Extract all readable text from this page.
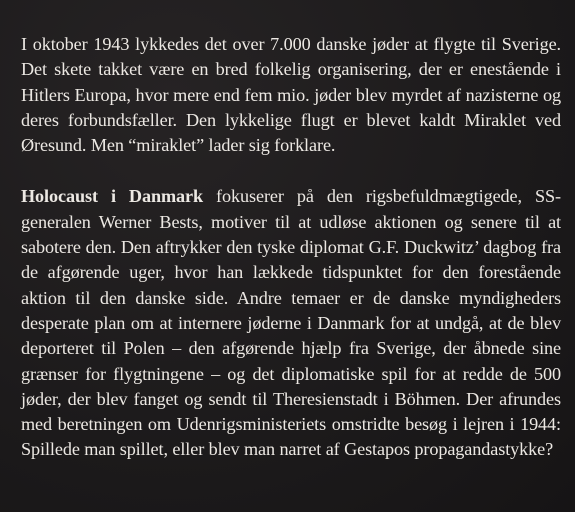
I oktober 1943 lykkedes det over 7.000 danske jøder at flygte til Sverige. Det skete takket være en bred folkelig organisering, der er enestående i Hitlers Europa, hvor mere end fem mio. jøder blev myrdet af nazisterne og deres forbundsfæller. Den lykkelige flugt er blevet kaldt Miraklet ved Øresund. Men “miraklet” lader sig forklare.

Holocaust i Danmark fokuserer på den rigsbefuldmægtigede, SS-generalen Werner Bests, motiver til at udløse aktionen og senere til at sabotere den. Den aftrykker den tyske diplomat G.F. Duckwitz’ dagbog fra de afgørende uger, hvor han lækkede tidspunktet for den forestående aktion til den danske side. Andre temaer er de danske myndigheders desperate plan om at internere jøderne i Danmark for at undgå, at de blev deporteret til Polen – den afgørende hjælp fra Sverige, der åbnede sine grænser for flygtningene – og det diplomatiske spil for at redde de 500 jøder, der blev fanget og sendt til Theresienstadt i Böhmen. Der afrundes med beretningen om Udenrigsministeriets omstridte besøg i lejren i 1944: Spillede man spillet, eller blev man narret af Gestapos propagandastykke?
